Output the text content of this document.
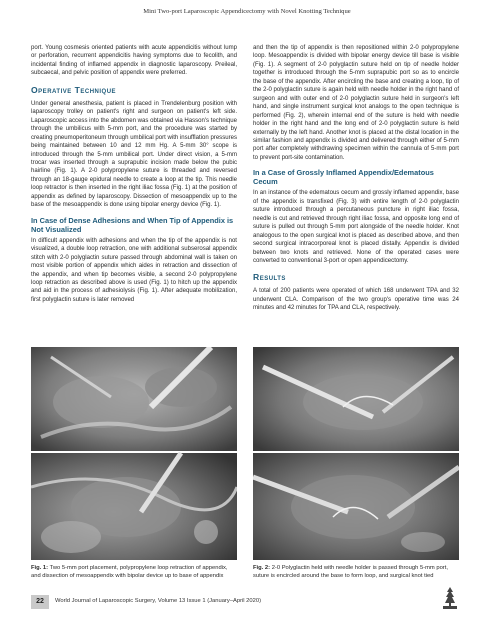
Mini Two-port Laparoscopic Appendicectomy with Novel Knotting Technique

port. Young cosmesis oriented patients with acute appendicitis without lump or perforation, recurrent appendicitis having symptoms due to fecolith, and incidental finding of inflamed appendix in diagnostic laparoscopy. Preileal, subcaecal, and pelvic position of appendix were preferred.

Operative Technique

Under general anesthesia, patient is placed in Trendelenburg position with laparoscopy trolley on patient's right and surgeon on patient's left side. Laparoscopic access into the abdomen was obtained via Hasson's technique through the umbilicus with 5-mm port, and the procedure was started by creating pneumoperitoneum through umbilical port with insufflation pressures being maintained between 10 and 12 mm Hg. A 5-mm 30° scope is introduced through the 5-mm umbilical port. Under direct vision, a 5-mm trocar was inserted through a suprapubic incision made below the pubic hairline (Fig. 1). A 2-0 polypropylene suture is threaded and reversed through an 18-gauge epidural needle to create a loop at the tip. This needle loop retractor is then inserted in the right iliac fossa (Fig. 1) at the position of appendix as defined by laparoscopy. Dissection of mesoappendix up to the base of the mesoappendix is done using bipolar energy device (Fig. 1).

In Case of Dense Adhesions and When Tip of Appendix is Not Visualized

In difficult appendix with adhesions and when the tip of the appendix is not visualized, a double loop retraction, one with additional subserosal appendix stitch with 2-0 polyglactin suture passed through abdominal wall is taken on most visible portion of appendix which aides in retraction and dissection of the appendix, and when tip becomes visible, a second 2-0 polypropylene loop retraction as described above is used (Fig. 1) to hitch up the appendix and aid in the process of adhesiolysis (Fig. 1). After adequate mobilization, first polyglactin suture is later removed

and then the tip of appendix is then repositioned within 2-0 polypropylene loop. Mesoappendix is divided with bipolar energy device till base is visible (Fig. 1). A segment of 2-0 polyglactin suture held on tip of needle holder together is introduced through the 5-mm suprapubic port so as to encircle the base of the appendix. After encircling the base and creating a loop, tip of the 2-0 polyglactin suture is again held with needle holder in the right hand of surgeon and with outer end of 2-0 polyglactin suture held in surgeon's left hand, and single instrument surgical knot analogs to the open technique is performed (Fig. 2), wherein internal end of the suture is held with needle holder in the right hand and the long end of 2-0 polyglactin suture is held externally by the left hand. Another knot is placed at the distal location in the similar fashion and appendix is divided and delivered through either of 5-mm port after completely withdrawing specimen within the cannula of 5-mm port to prevent port-site contamination.

In a Case of Grossly Inflamed Appendix/Edematous Cecum

In an instance of the edematous cecum and grossly inflamed appendix, base of the appendix is transfixed (Fig. 3) with entire length of 2-0 polyglactin suture introduced through a percutaneous puncture in right iliac fossa, needle is cut and retrieved through right iliac fossa, and opposite long end of suture is pulled out through 5-mm port alongside of the needle holder. Knot analogous to the open surgical knot is placed as described above, and then second surgical intracorporeal knot is placed distally. Appendix is divided between two knots and retrieved. None of the operated cases were converted to conventional 3-port or open appendicectomy.

Results

A total of 200 patients were operated of which 168 underwent TPA and 32 underwent CLA. Comparison of the two group's operative time was 24 minutes and 42 minutes for TPA and CLA, respectively.

Fig. 1: Two 5-mm port placement, polypropylene loop retraction of appendix, and dissection of mesoappendix with bipolar device up to base of appendix
Fig. 2: 2-0 Polyglactin held with needle holder is passed through 5-mm port, suture is encircled around the base to form loop, and surgical knot tied
22	World Journal of Laparoscopic Surgery, Volume 13 Issue 1 (January–April 2020)
